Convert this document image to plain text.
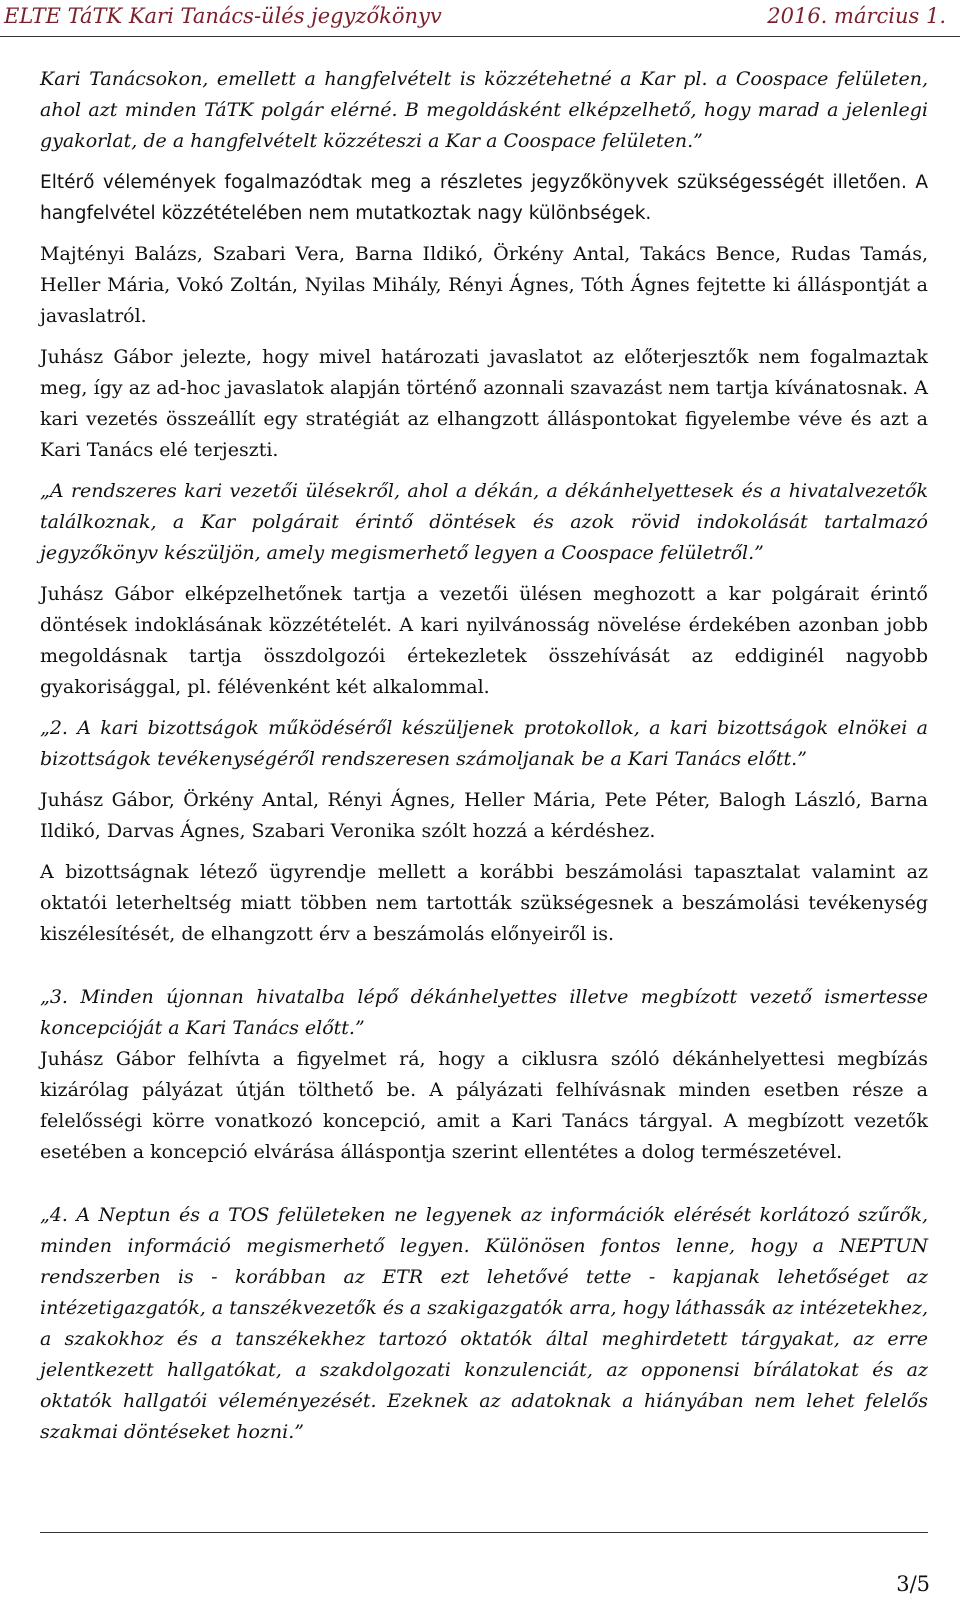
ELTE TáTK Kari Tanács-ülés jegyzőkönyv	2016. március 1.

Kari Tanácsokon, emellett a hangfelvételt is közzétehetné a Kar pl. a Coospace felületen, ahol azt minden TáTK polgár elérné. B megoldásként elképzelhető, hogy marad a jelenlegi gyakorlat, de a hangfelvételt közzéteszi a Kar a Coospace felületen.”

Eltérő vélemények fogalmazódtak meg a részletes jegyzőkönyvek szükségességét illetően. A hangfelvétel közzétételében nem mutatkoztak nagy különbségek.

Majtényi Balázs, Szabari Vera, Barna Ildikó, Örkény Antal, Takács Bence, Rudas Tamás, Heller Mária, Vokó Zoltán, Nyilas Mihály, Rényi Ágnes, Tóth Ágnes fejtette ki álláspontját a javaslatról.

Juhász Gábor jelezte, hogy mivel határozati javaslatot az előterjesztők nem fogalmaztak meg, így az ad-hoc javaslatok alapján történő azonnali szavazást nem tartja kívánatosnak. A kari vezetés összeállít egy stratégiát az elhangzott álláspontokat figyelembe véve és azt a Kari Tanács elé terjeszti.

„A rendszeres kari vezetői ülésekről, ahol a dékán, a dékánhelyettesek és a hivatalvezetők találkoznak, a Kar polgárait érintő döntések és azok rövid indokolását tartalmazó jegyzőkönyv készüljön, amely megismerhető legyen a Coospace felületről.”

Juhász Gábor elképzelhetőnek tartja a vezetői ülésen meghozott a kar polgárait érintő döntések indoklásának közzétételét. A kari nyilvánosság növelése érdekében azonban jobb megoldásnak tartja összdolgozói értekezletek összehívását az eddiginél nagyobb gyakorisággal, pl. félévenként két alkalommal.

„2. A kari bizottságok működéséről készüljenek protokollok, a kari bizottságok elnökei a bizottságok tevékenységéről rendszeresen számoljanak be a Kari Tanács előtt.”

Juhász Gábor, Örkény Antal, Rényi Ágnes, Heller Mária, Pete Péter, Balogh László, Barna Ildikó, Darvas Ágnes, Szabari Veronika szólt hozzá a kérdéshez.

A bizottságnak létező ügyrendje mellett a korábbi beszámolási tapasztalat valamint az oktatói leterheltség miatt többen nem tartották szükségesnek a beszámolási tevékenység kiszélesítését, de elhangzott érv a beszámolás előnyeiről is.

„3. Minden újonnan hivatalba lépő dékánhelyettes illetve megbízott vezető ismertesse koncepcióját a Kari Tanács előtt.”

Juhász Gábor felhívta a figyelmet rá, hogy a ciklusra szóló dékánhelyettesi megbízás kizárólag pályázat útján tölthető be. A pályázati felhívásnak minden esetben része a felelősségi körre vonatkozó koncepció, amit a Kari Tanács tárgyal. A megbízott vezetők esetében a koncepció elvárása álláspontja szerint ellentétes a dolog természetével.

„4. A Neptun és a TOS felületeken ne legyenek az információk elérését korlátozó szűrők, minden információ megismerhető legyen. Különösen fontos lenne, hogy a NEPTUN rendszerben is - korábban az ETR ezt lehetővé tette - kapjanak lehetőséget az intézetigazgatók, a tanszékvezetők és a szakigazgatók arra, hogy láthassák az intézetekhez, a szakokhoz és a tanszékekhez tartozó oktatók által meghirdetett tárgyakat, az erre jelentkezett hallgatókat, a szakdolgozati konzulenciát, az opponensi bírálatokat és az oktatók hallgatói véleményezését. Ezeknek az adatoknak a hiányában nem lehet felelős szakmai döntéseket hozni.”

3/5
